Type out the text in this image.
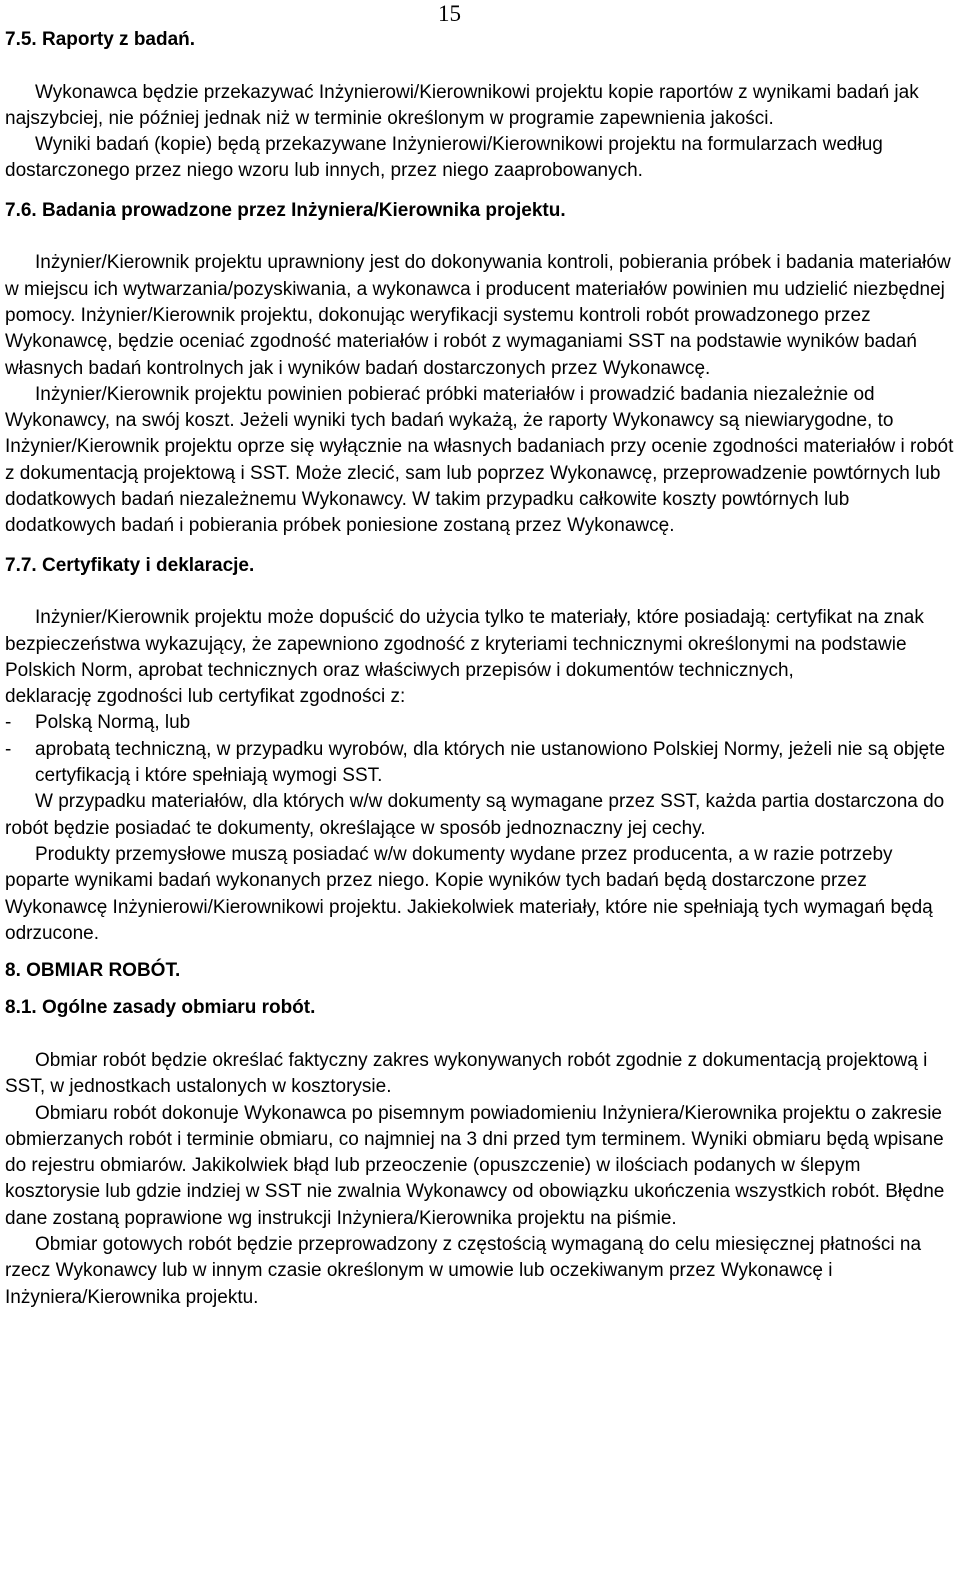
15
7.5. Raporty z badań.

Wykonawca będzie przekazywać Inżynierowi/Kierownikowi projektu kopie raportów z wynikami badań jak najszybciej, nie później jednak niż w terminie określonym w programie zapewnienia jakości.

Wyniki badań (kopie) będą przekazywane Inżynierowi/Kierownikowi projektu na formularzach według dostarczonego przez niego wzoru lub innych, przez niego zaaprobowanych.

7.6. Badania prowadzone przez Inżyniera/Kierownika projektu.

Inżynier/Kierownik projektu uprawniony jest do dokonywania kontroli, pobierania próbek i badania materiałów w miejscu ich wytwarzania/pozyskiwania, a wykonawca i producent materiałów powinien mu udzielić niezbędnej pomocy. Inżynier/Kierownik projektu, dokonując weryfikacji systemu kontroli robót prowadzonego przez Wykonawcę, będzie oceniać zgodność materiałów i robót z wymaganiami SST na podstawie wyników badań własnych badań kontrolnych jak i wyników badań dostarczonych przez Wykonawcę.

Inżynier/Kierownik projektu powinien pobierać próbki materiałów i prowadzić badania niezależnie od Wykonawcy, na swój koszt. Jeżeli wyniki tych badań wykażą, że raporty Wykonawcy są niewiarygodne, to Inżynier/Kierownik projektu oprze się wyłącznie na własnych badaniach przy ocenie zgodności materiałów i robót z dokumentacją projektową i SST. Może zlecić, sam lub poprzez Wykonawcę, przeprowadzenie powtórnych lub dodatkowych badań niezależnemu Wykonawcy. W takim przypadku całkowite koszty powtórnych lub dodatkowych badań i pobierania próbek poniesione zostaną przez Wykonawcę.

7.7. Certyfikaty i deklaracje.

Inżynier/Kierownik projektu może dopuścić do użycia tylko te materiały, które posiadają: certyfikat na znak bezpieczeństwa wykazujący, że zapewniono zgodność z kryteriami technicznymi określonymi na podstawie Polskich Norm, aprobat technicznych oraz właściwych przepisów i dokumentów technicznych,

deklarację zgodności lub certyfikat zgodności z:

- Polską Normą, lub
- aprobatą techniczną, w przypadku wyrobów, dla których nie ustanowiono Polskiej Normy, jeżeli nie są objęte certyfikacją i które spełniają wymogi SST.

W przypadku materiałów, dla których w/w dokumenty są wymagane przez SST, każda partia dostarczona do robót będzie posiadać te dokumenty, określające w sposób jednoznaczny jej cechy.

Produkty przemysłowe muszą posiadać w/w dokumenty wydane przez producenta, a w razie potrzeby poparte wynikami badań wykonanych przez niego. Kopie wyników tych badań będą dostarczone przez Wykonawcę Inżynierowi/Kierownikowi projektu. Jakiekolwiek materiały, które nie spełniają tych wymagań będą odrzucone.

8. OBMIAR ROBÓT.
8.1. Ogólne zasady obmiaru robót.

Obmiar robót będzie określać faktyczny zakres wykonywanych robót zgodnie z dokumentacją projektową i SST, w jednostkach ustalonych w kosztorysie.

Obmiaru robót dokonuje Wykonawca po pisemnym powiadomieniu Inżyniera/Kierownika projektu o zakresie obmierzanych robót i terminie obmiaru, co najmniej na 3 dni przed tym terminem. Wyniki obmiaru będą wpisane do rejestru obmiarów. Jakikolwiek błąd lub przeoczenie (opuszczenie) w ilościach podanych w ślepym kosztorysie lub gdzie indziej w SST nie zwalnia Wykonawcy od obowiązku ukończenia wszystkich robót. Błędne dane zostaną poprawione wg instrukcji Inżyniera/Kierownika projektu na piśmie.

Obmiar gotowych robót będzie przeprowadzony z częstością wymaganą do celu miesięcznej płatności na rzecz Wykonawcy lub w innym czasie określonym w umowie lub oczekiwanym przez Wykonawcę i Inżyniera/Kierownika projektu.
